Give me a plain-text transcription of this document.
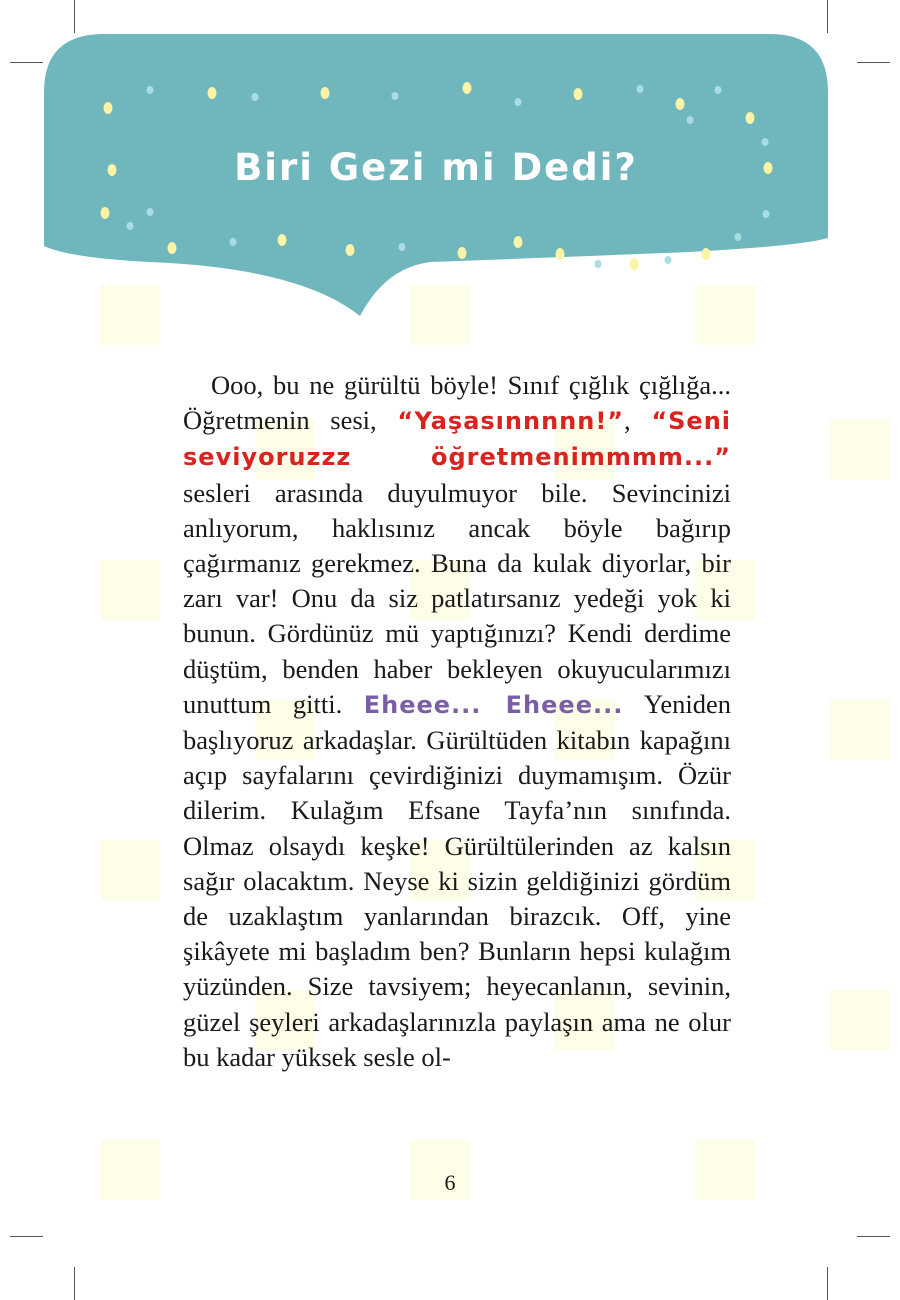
Biri Gezi mi Dedi?

Ooo, bu ne gürültü böyle! Sınıf çığlık çığlığa... Öğretmenin sesi, “Yaşasınnnnn!”, “Seni seviyoruzzz öğretmenimmmm...” sesleri arasında duyulmuyor bile. Sevincinizi anlıyorum, haklısınız ancak böyle bağırıp çağırmanız gerekmez. Buna da kulak diyorlar, bir zarı var! Onu da siz patlatırsanız yedeği yok ki bunun. Gördünüz mü yaptığınızı? Kendi derdime düştüm, benden haber bekleyen okuyucularımızı unuttum gitti. Eheee... Eheee... Yeniden başlıyoruz arkadaşlar. Gürültüden kitabın kapağını açıp sayfalarını çevirdiğinizi duymamışım. Özür dilerim. Kulağım Efsane Tayfa’nın sınıfında. Olmaz olsaydı keşke! Gürültülerinden az kalsın sağır olacaktım. Neyse ki sizin geldiğinizi gördüm de uzaklaştım yanlarından birazcık. Off, yine şikâyete mi başladım ben? Bunların hepsi kulağım yüzünden. Size tavsiyem; heyecanlanın, sevinin, güzel şeyleri arkadaşlarınızla paylaşın ama ne olur bu kadar yüksek sesle ol-

6
